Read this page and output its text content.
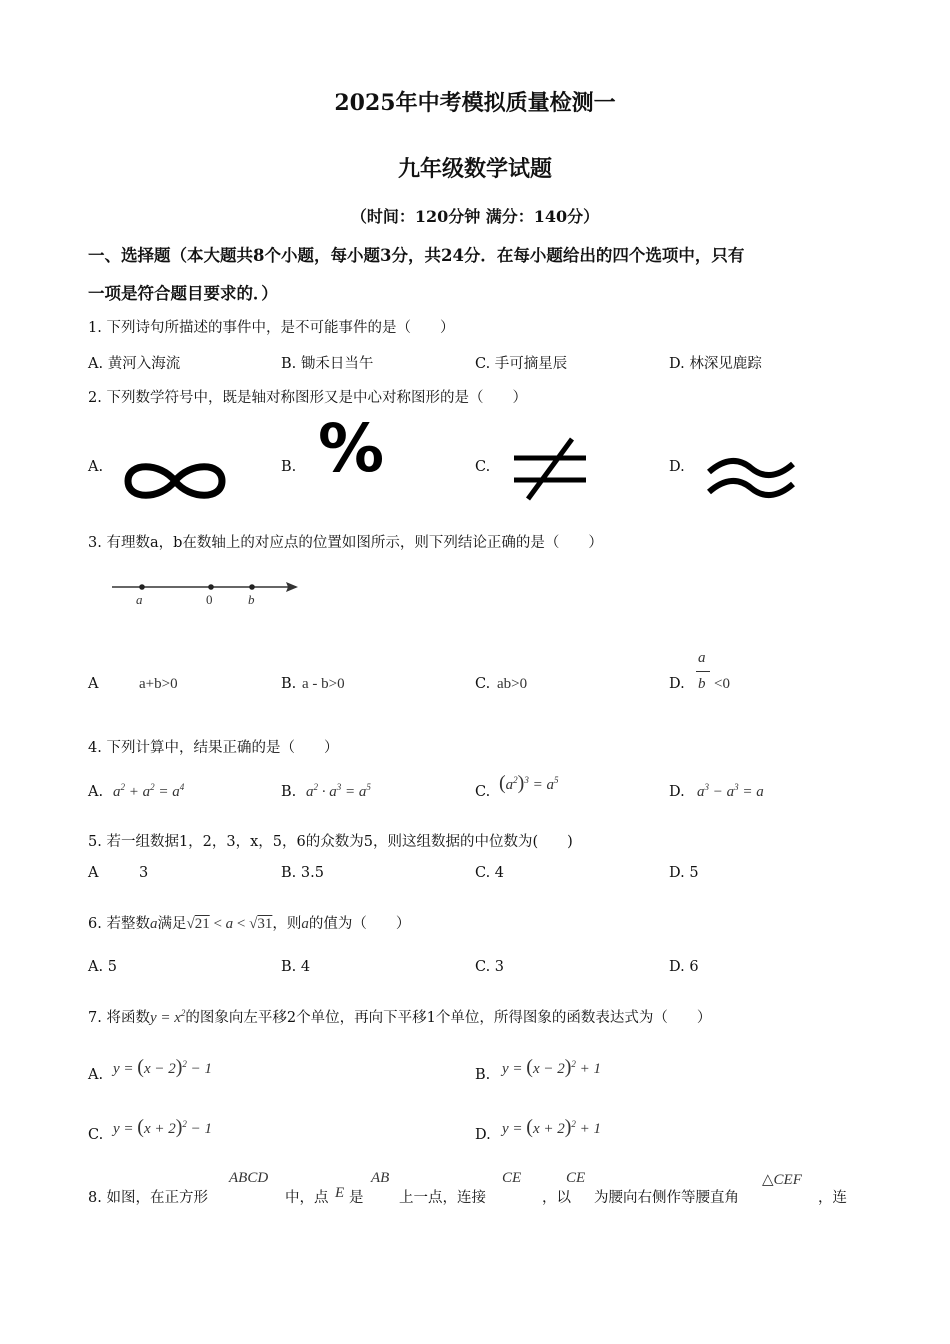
2025年中考模拟质量检测一
九年级数学试题
（时间：120分钟 满分：140分）
一、选择题（本大题共8个小题，每小题3分，共24分．在每小题给出的四个选项中，只有
一项是符合题目要求的．）
1. 下列诗句所描述的事件中，是不可能事件的是（　　）
A. 黄河入海流	B. 锄禾日当午	C. 手可摘星辰	D. 林深见鹿踪
2. 下列数学符号中，既是轴对称图形又是中心对称图形的是（　　）
A.	B.	C.	D.
%
3. 有理数a，b在数轴上的对应点的位置如图所示，则下列结论正确的是（　　）
a	0	b
A	a+b>0	B. a - b>0	C. ab>0	D.
a
b <0
4. 下列计算中，结果正确的是（　　）
A. $a^2 + a^2 = a^4$	B. $a^2 \cdot a^3 = a^5$	C. $(a^2)^3 = a^5$
D. $a^3 - a^3 = a$
5. 若一组数据1，2，3，x，5，6的众数为5，则这组数据的中位数为(　　)
A	3	B. 3.5	C. 4	D. 5
6. 若整数a满足√21 < a < √31，则a的值为（　　）
A. 5	B. 4	C. 3	D. 6
7. 将函数$y = x^2$的图象向左平移2个单位，再向下平移1个单位，所得图象的函数表达式为（　　）
A. $y = (x - 2)^2 - 1$	B. $y = (x - 2)^2 + 1$
C. $y = (x + 2)^2 - 1$	D. $y = (x + 2)^2 + 1$
8. 如图，在正方形
ABCD
中，点 E 是
AB
上一点，连接
CE
，以
CE
为腰向右侧作等腰直角
△CEF
，连
